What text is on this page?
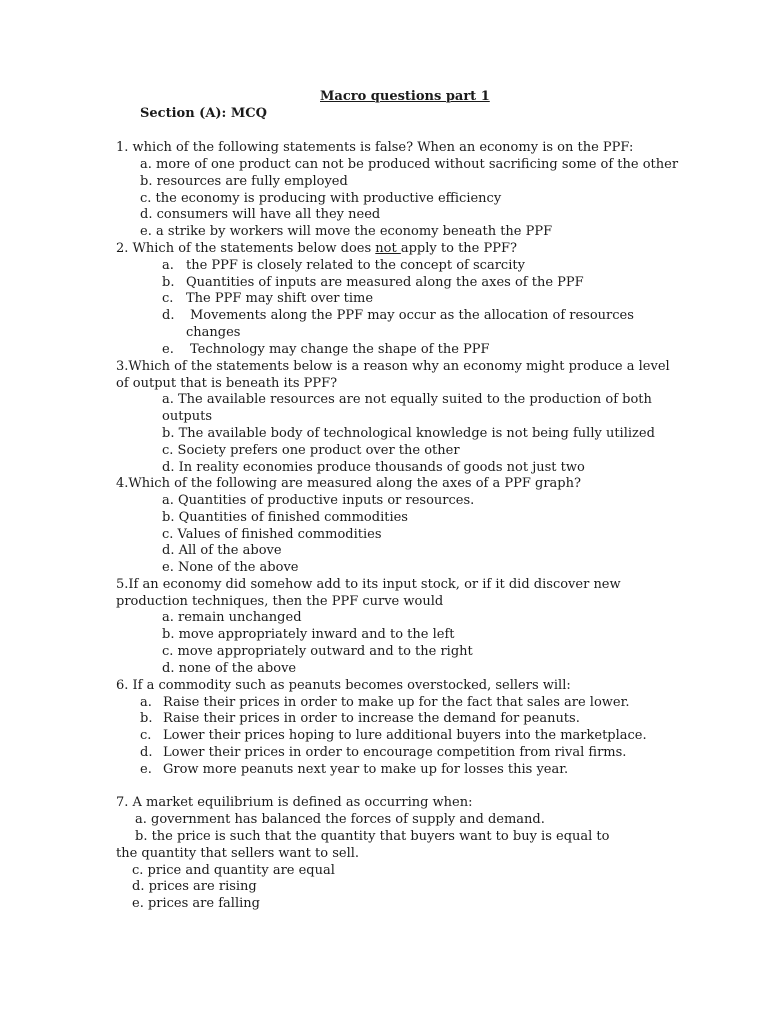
Macro questions part 1
Section (A): MCQ
1. which of the following statements is false? When an economy is on the PPF:
a. more of one product can not be produced without sacrificing some of the other
b. resources are fully employed
c. the economy is producing with productive efficiency
d. consumers will have all they need
e. a strike by workers will move the economy beneath the PPF
2. Which of the statements below does not apply to the PPF?
a. the PPF is closely related to the concept of scarcity
b. Quantities of inputs are measured along the axes of the PPF
c. The PPF may shift over time
d. Movements along the PPF may occur as the allocation of resources
changes
e. Technology may change the shape of the PPF
3.Which of the statements below is a reason why an economy might produce a level
of output that is beneath its PPF?
a. The available resources are not equally suited to the production of both
outputs
b. The available body of technological knowledge is not being fully utilized
c. Society prefers one product over the other
d. In reality economies produce thousands of goods not just two
4.Which of the following are measured along the axes of a PPF graph?
a. Quantities of productive inputs or resources.
b. Quantities of finished commodities
c. Values of finished commodities
d. All of the above
e. None of the above
5.If an economy did somehow add to its input stock, or if it did discover new
production techniques, then the PPF curve would
a. remain unchanged
b. move appropriately inward and to the left
c. move appropriately outward and to the right
d. none of the above
6. If a commodity such as peanuts becomes overstocked, sellers will:
a. Raise their prices in order to make up for the fact that sales are lower.
b. Raise their prices in order to increase the demand for peanuts.
c. Lower their prices hoping to lure additional buyers into the marketplace.
d. Lower their prices in order to encourage competition from rival firms.
e. Grow more peanuts next year to make up for losses this year.
7. A market equilibrium is defined as occurring when:
a. government has balanced the forces of supply and demand.
b. the price is such that the quantity that buyers want to buy is equal to
the quantity that sellers want to sell.
c. price and quantity are equal
d. prices are rising
e. prices are falling
